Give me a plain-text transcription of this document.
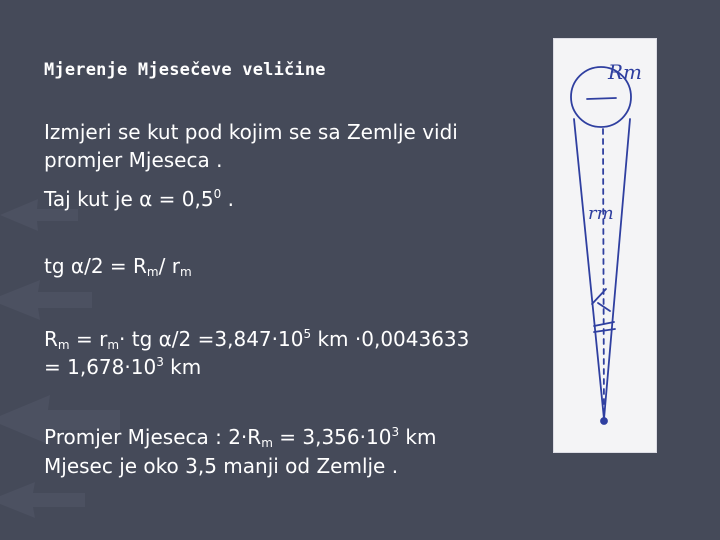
Mjerenje Mjesečeve veličine

Izmjeri se kut pod kojim se sa Zemlje vidi

promjer Mjeseca .

Taj kut je $\alpha = 0,5^0$ .

tg $\alpha/2 = R_m/$ $r_m$

$R_m = r_m\cdot$ tg $\alpha/2 =3,847\cdot 10^5$ km ·0,0043633

= $1,678\cdot 10^3$ km

Promjer Mjeseca : $2\cdot R_m = 3,356\cdot 10^3$ km

Mjesec je oko 3,5 manji od Zemlje .

Rm
rm
